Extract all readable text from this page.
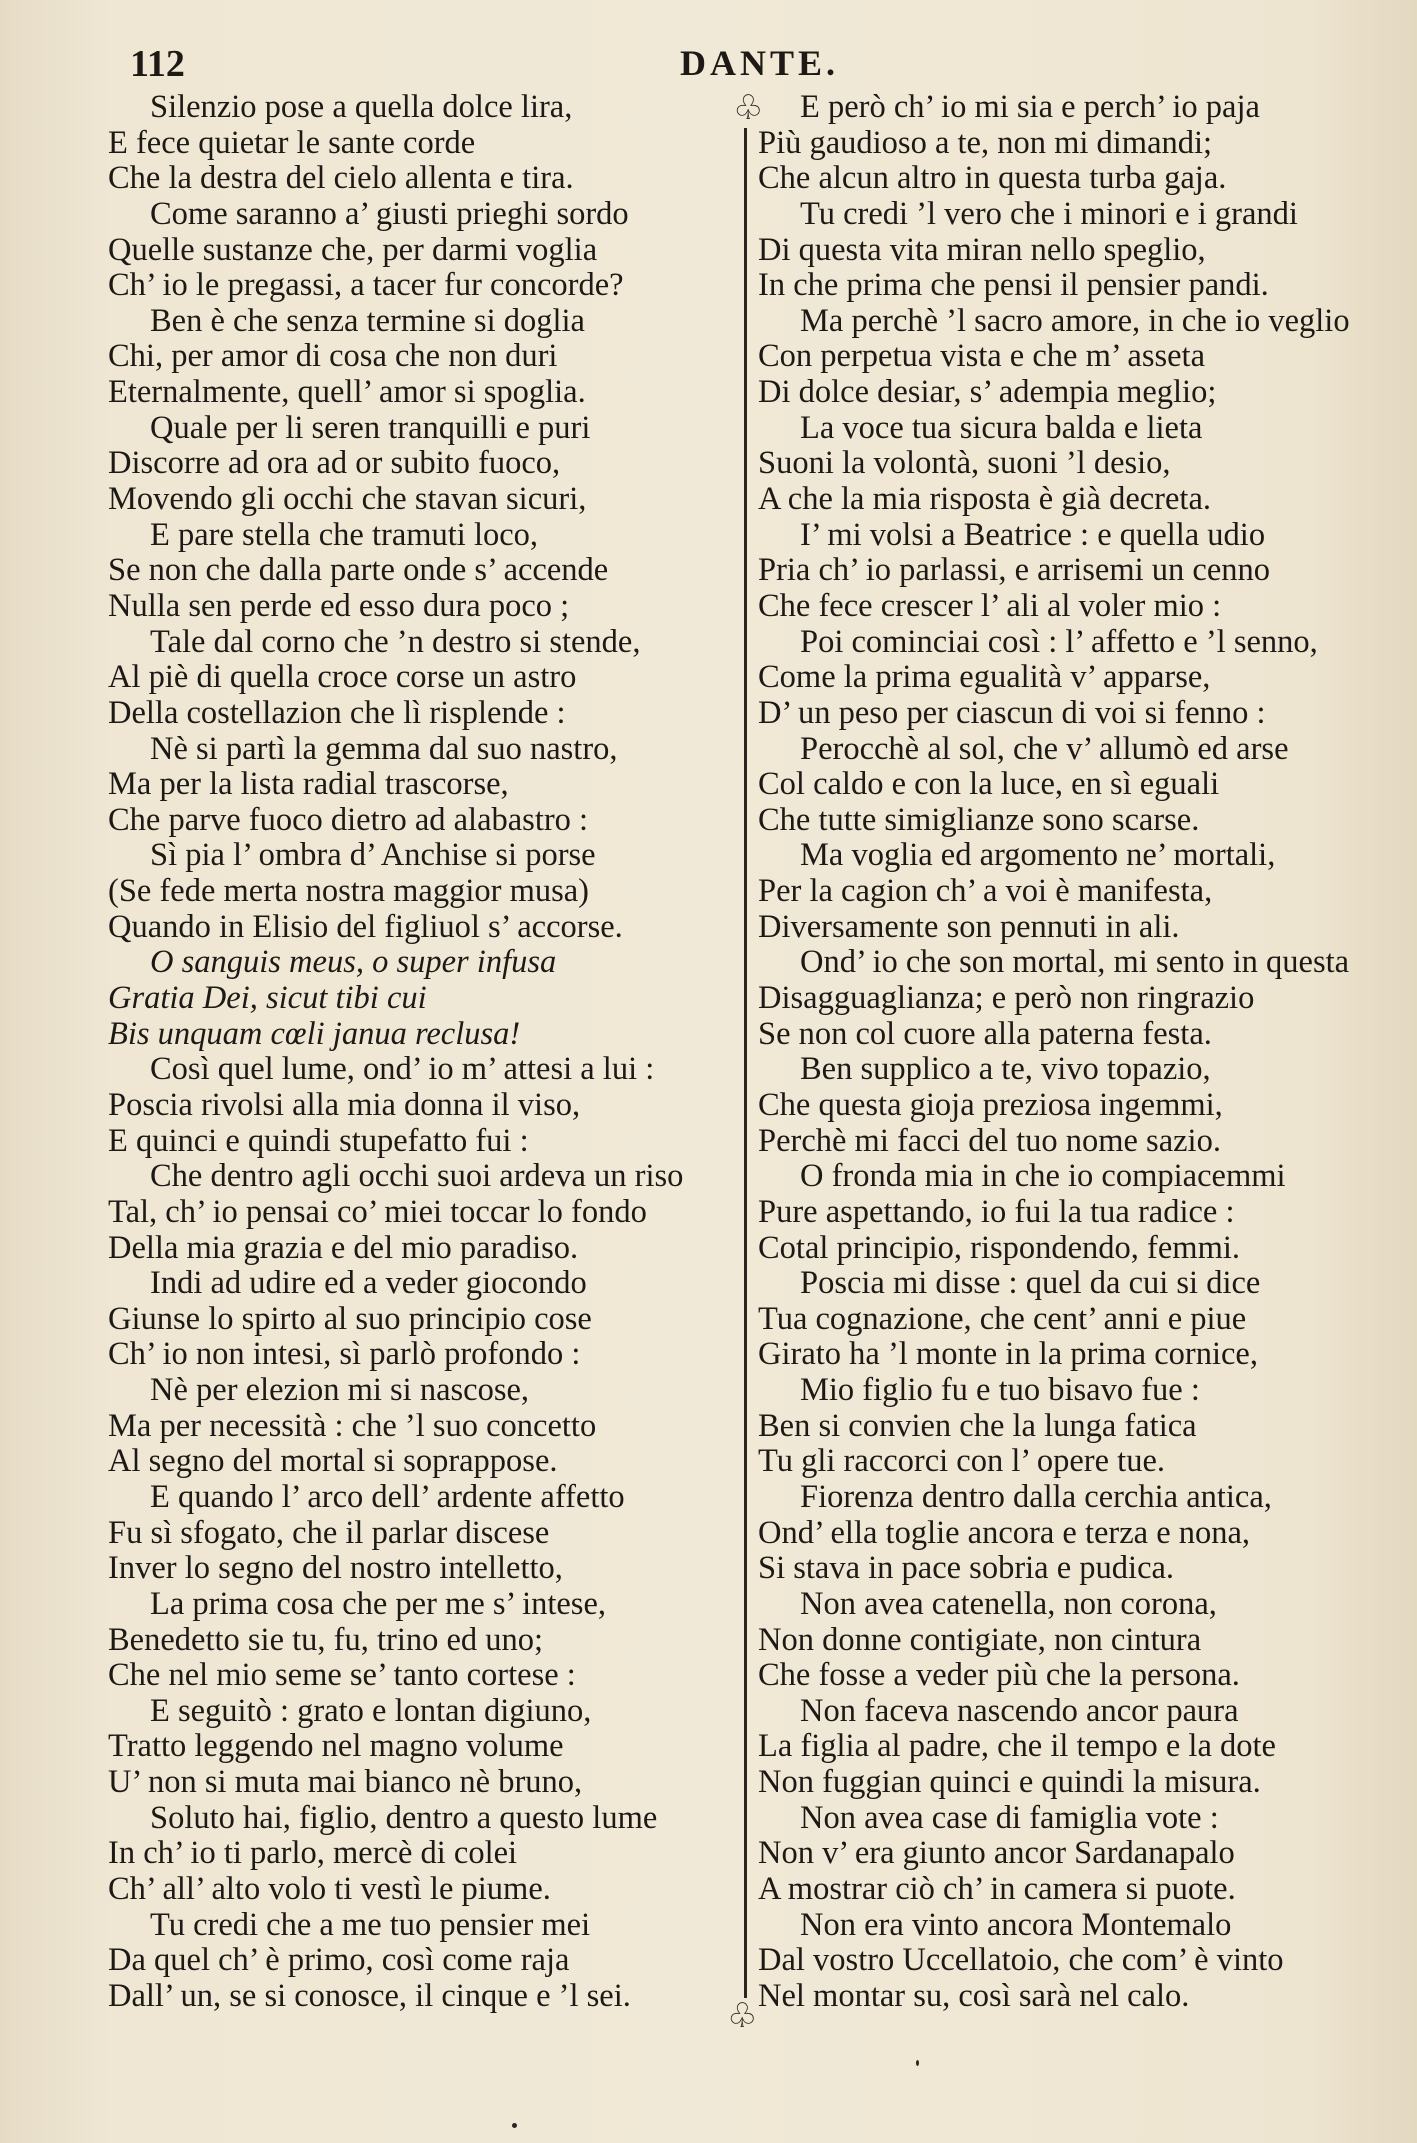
112	DANTE.
♧
♧
Silenzio pose a quella dolce lira,
E fece quietar le sante corde
Che la destra del cielo allenta e tira.
Come saranno a’ giusti prieghi sordo
Quelle sustanze che, per darmi voglia
Ch’ io le pregassi, a tacer fur concorde?
Ben è che senza termine si doglia
Chi, per amor di cosa che non duri
Eternalmente, quell’ amor si spoglia.
Quale per li seren tranquilli e puri
Discorre ad ora ad or subito fuoco,
Movendo gli occhi che stavan sicuri,
E pare stella che tramuti loco,
Se non che dalla parte onde s’ accende
Nulla sen perde ed esso dura poco ;
Tale dal corno che ’n destro si stende,
Al piè di quella croce corse un astro
Della costellazion che lì risplende :
Nè si partì la gemma dal suo nastro,
Ma per la lista radial trascorse,
Che parve fuoco dietro ad alabastro :
Sì pia l’ ombra d’ Anchise si porse
(Se fede merta nostra maggior musa)
Quando in Elisio del figliuol s’ accorse.
O sanguis meus, o super infusa
Gratia Dei, sicut tibi cui
Bis unquam cœli janua reclusa!
Così quel lume, ond’ io m’ attesi a lui :
Poscia rivolsi alla mia donna il viso,
E quinci e quindi stupefatto fui :
Che dentro agli occhi suoi ardeva un riso
Tal, ch’ io pensai co’ miei toccar lo fondo
Della mia grazia e del mio paradiso.
Indi ad udire ed a veder giocondo
Giunse lo spirto al suo principio cose
Ch’ io non intesi, sì parlò profondo :
Nè per elezion mi si nascose,
Ma per necessità : che ’l suo concetto
Al segno del mortal si soprappose.
E quando l’ arco dell’ ardente affetto
Fu sì sfogato, che il parlar discese
Inver lo segno del nostro intelletto,
La prima cosa che per me s’ intese,
Benedetto sie tu, fu, trino ed uno;
Che nel mio seme se’ tanto cortese :
E seguitò : grato e lontan digiuno,
Tratto leggendo nel magno volume
U’ non si muta mai bianco nè bruno,
Soluto hai, figlio, dentro a questo lume
In ch’ io ti parlo, mercè di colei
Ch’ all’ alto volo ti vestì le piume.
Tu credi che a me tuo pensier mei
Da quel ch’ è primo, così come raja
Dall’ un, se si conosce, il cinque e ’l sei.
E però ch’ io mi sia e perch’ io paja
Più gaudioso a te, non mi dimandi;
Che alcun altro in questa turba gaja.
Tu credi ’l vero che i minori e i grandi
Di questa vita miran nello speglio,
In che prima che pensi il pensier pandi.
Ma perchè ’l sacro amore, in che io veglio
Con perpetua vista e che m’ asseta
Di dolce desiar, s’ adempia meglio;
La voce tua sicura balda e lieta
Suoni la volontà, suoni ’l desio,
A che la mia risposta è già decreta.
I’ mi volsi a Beatrice : e quella udio
Pria ch’ io parlassi, e arrisemi un cenno
Che fece crescer l’ ali al voler mio :
Poi cominciai così : l’ affetto e ’l senno,
Come la prima egualità v’ apparse,
D’ un peso per ciascun di voi si fenno :
Perocchè al sol, che v’ allumò ed arse
Col caldo e con la luce, en sì eguali
Che tutte simiglianze sono scarse.
Ma voglia ed argomento ne’ mortali,
Per la cagion ch’ a voi è manifesta,
Diversamente son pennuti in ali.
Ond’ io che son mortal, mi sento in questa
Disagguaglianza; e però non ringrazio
Se non col cuore alla paterna festa.
Ben supplico a te, vivo topazio,
Che questa gioja preziosa ingemmi,
Perchè mi facci del tuo nome sazio.
O fronda mia in che io compiacemmi
Pure aspettando, io fui la tua radice :
Cotal principio, rispondendo, femmi.
Poscia mi disse : quel da cui si dice
Tua cognazione, che cent’ anni e piue
Girato ha ’l monte in la prima cornice,
Mio figlio fu e tuo bisavo fue :
Ben si convien che la lunga fatica
Tu gli raccorci con l’ opere tue.
Fiorenza dentro dalla cerchia antica,
Ond’ ella toglie ancora e terza e nona,
Si stava in pace sobria e pudica.
Non avea catenella, non corona,
Non donne contigiate, non cintura
Che fosse a veder più che la persona.
Non faceva nascendo ancor paura
La figlia al padre, che il tempo e la dote
Non fuggian quinci e quindi la misura.
Non avea case di famiglia vote :
Non v’ era giunto ancor Sardanapalo
A mostrar ciò ch’ in camera si puote.
Non era vinto ancora Montemalo
Dal vostro Uccellatoio, che com’ è vinto
Nel montar su, così sarà nel calo.
